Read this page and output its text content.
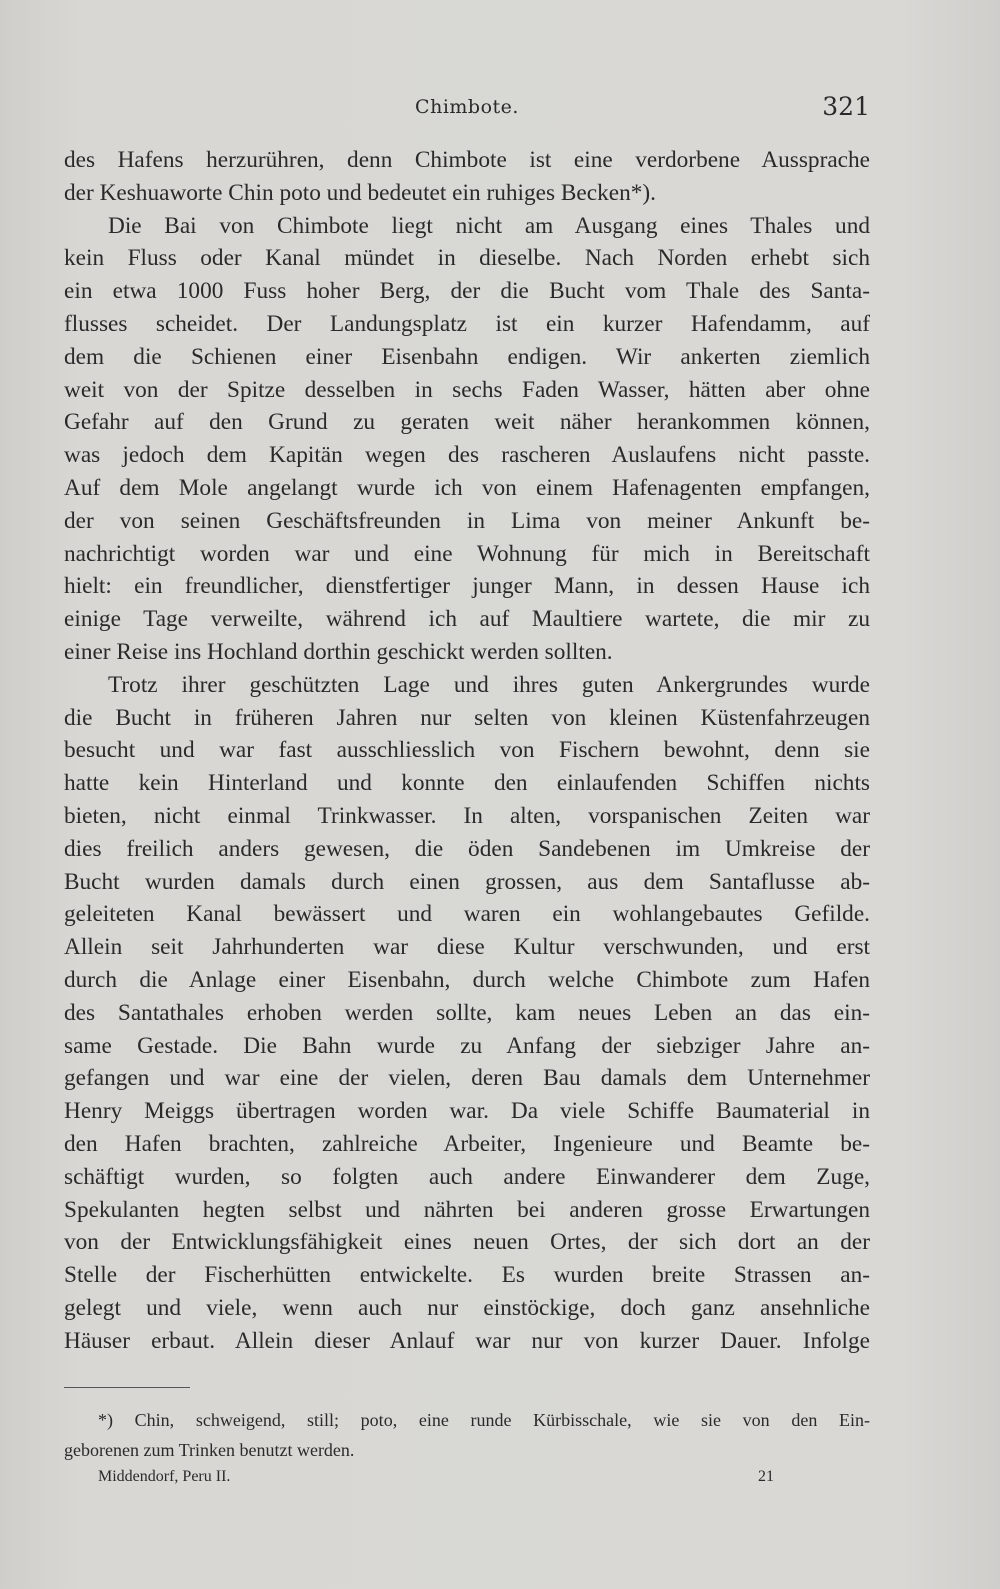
Chimbote.	321
des Hafens herzurühren, denn Chimbote ist eine verdorbene Aussprache
der Keshuaworte Chin poto und bedeutet ein ruhiges Becken*).
Die Bai von Chimbote liegt nicht am Ausgang eines Thales und
kein Fluss oder Kanal mündet in dieselbe. Nach Norden erhebt sich
ein etwa 1000 Fuss hoher Berg, der die Bucht vom Thale des Santa-
flusses scheidet. Der Landungsplatz ist ein kurzer Hafendamm, auf
dem die Schienen einer Eisenbahn endigen. Wir ankerten ziemlich
weit von der Spitze desselben in sechs Faden Wasser, hätten aber ohne
Gefahr auf den Grund zu geraten weit näher herankommen können,
was jedoch dem Kapitän wegen des rascheren Auslaufens nicht passte.
Auf dem Mole angelangt wurde ich von einem Hafenagenten empfangen,
der von seinen Geschäftsfreunden in Lima von meiner Ankunft be-
nachrichtigt worden war und eine Wohnung für mich in Bereitschaft
hielt: ein freundlicher, dienstfertiger junger Mann, in dessen Hause ich
einige Tage verweilte, während ich auf Maultiere wartete, die mir zu
einer Reise ins Hochland dorthin geschickt werden sollten.
Trotz ihrer geschützten Lage und ihres guten Ankergrundes wurde
die Bucht in früheren Jahren nur selten von kleinen Küstenfahrzeugen
besucht und war fast ausschliesslich von Fischern bewohnt, denn sie
hatte kein Hinterland und konnte den einlaufenden Schiffen nichts
bieten, nicht einmal Trinkwasser. In alten, vorspanischen Zeiten war
dies freilich anders gewesen, die öden Sandebenen im Umkreise der
Bucht wurden damals durch einen grossen, aus dem Santaflusse ab-
geleiteten Kanal bewässert und waren ein wohlangebautes Gefilde.
Allein seit Jahrhunderten war diese Kultur verschwunden, und erst
durch die Anlage einer Eisenbahn, durch welche Chimbote zum Hafen
des Santathales erhoben werden sollte, kam neues Leben an das ein-
same Gestade. Die Bahn wurde zu Anfang der siebziger Jahre an-
gefangen und war eine der vielen, deren Bau damals dem Unternehmer
Henry Meiggs übertragen worden war. Da viele Schiffe Baumaterial in
den Hafen brachten, zahlreiche Arbeiter, Ingenieure und Beamte be-
schäftigt wurden, so folgten auch andere Einwanderer dem Zuge,
Spekulanten hegten selbst und nährten bei anderen grosse Erwartungen
von der Entwicklungsfähigkeit eines neuen Ortes, der sich dort an der
Stelle der Fischerhütten entwickelte. Es wurden breite Strassen an-
gelegt und viele, wenn auch nur einstöckige, doch ganz ansehnliche
Häuser erbaut. Allein dieser Anlauf war nur von kurzer Dauer. Infolge
*) Chin, schweigend, still; poto, eine runde Kürbisschale, wie sie von den Ein-
geborenen zum Trinken benutzt werden.
Middendorf, Peru II.	21
